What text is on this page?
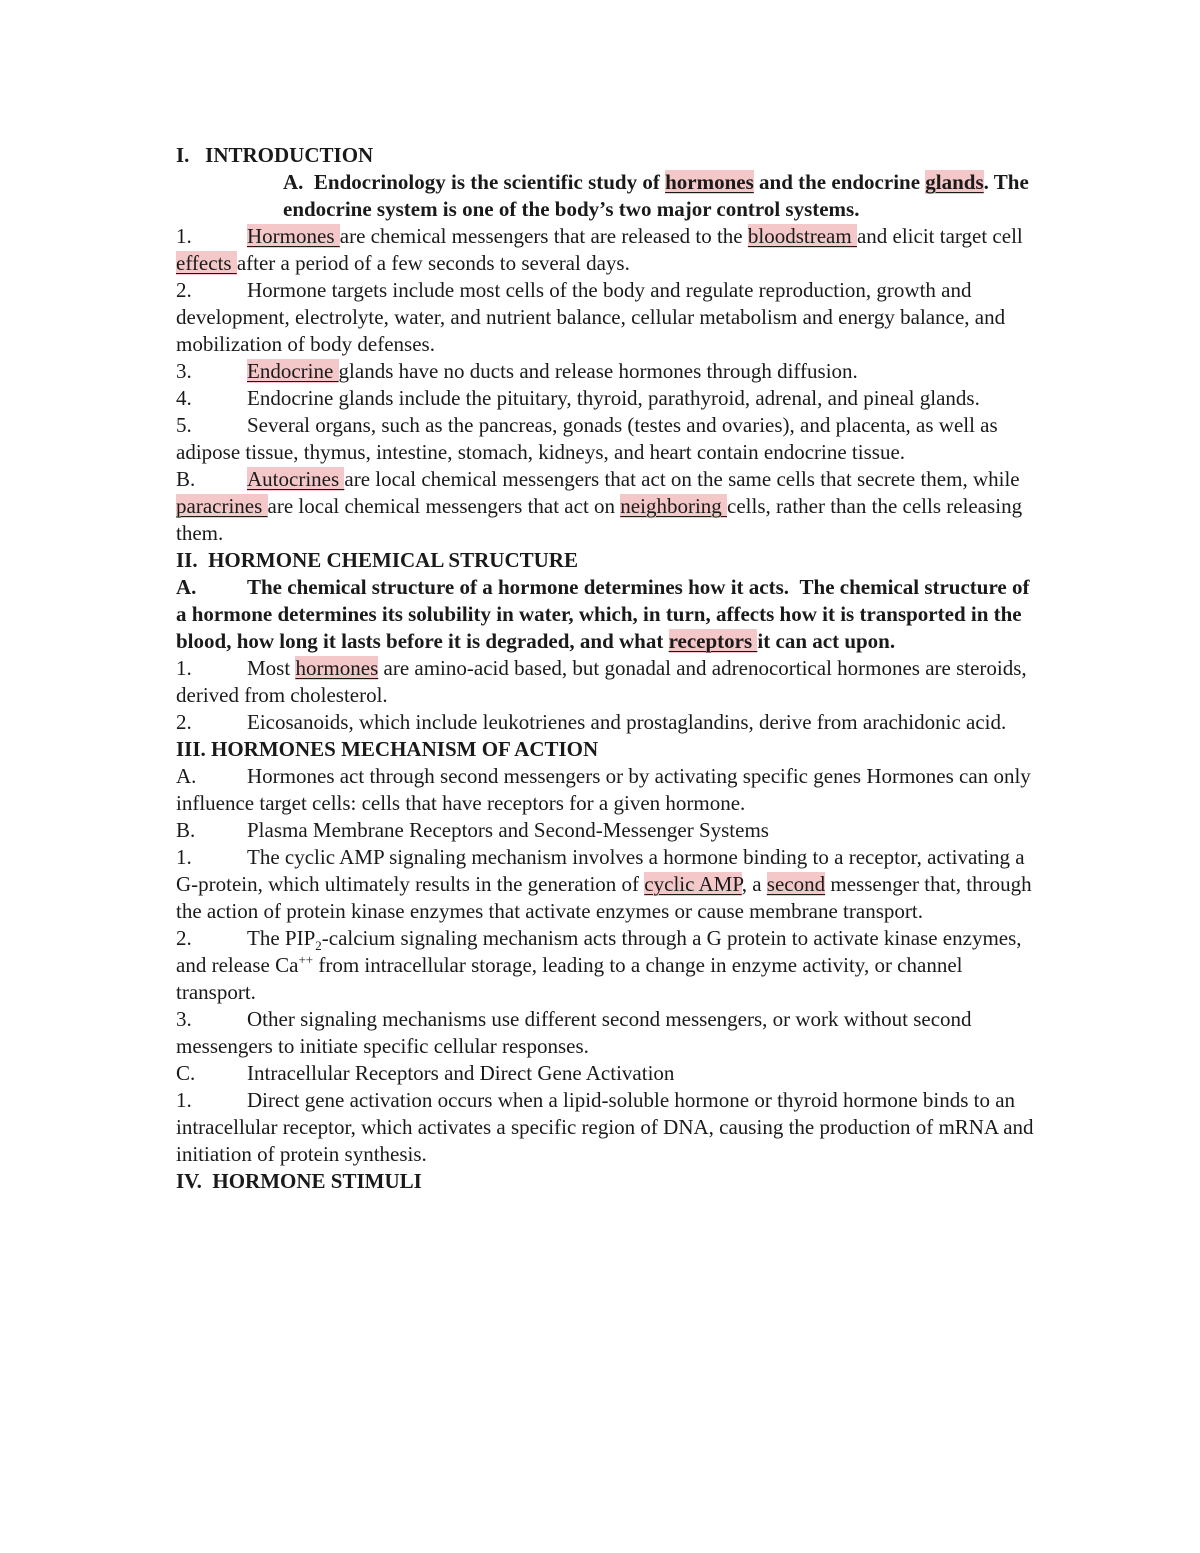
I.   INTRODUCTION

A.  Endocrinology is the scientific study of hormones and the endocrine glands. The endocrine system is one of the body’s two major control systems.

1.	Hormones are chemical messengers that are released to the bloodstream and elicit target cell effects after a period of a few seconds to several days.

2.	Hormone targets include most cells of the body and regulate reproduction, growth and development, electrolyte, water, and nutrient balance, cellular metabolism and energy balance, and mobilization of body defenses.

3.	Endocrine glands have no ducts and release hormones through diffusion.

4.	Endocrine glands include the pituitary, thyroid, parathyroid, adrenal, and pineal glands.

5.	Several organs, such as the pancreas, gonads (testes and ovaries), and placenta, as well as adipose tissue, thymus, intestine, stomach, kidneys, and heart contain endocrine tissue.

B. Autocrines are local chemical messengers that act on the same cells that secrete them, while paracrines are local chemical messengers that act on neighboring cells, rather than the cells releasing them.

II.  HORMONE CHEMICAL STRUCTURE

A. The chemical structure of a hormone determines how it acts.  The chemical structure of a hormone determines its solubility in water, which, in turn, affects how it is transported in the blood, how long it lasts before it is degraded, and what receptors it can act upon.

1.	Most hormones are amino-acid based, but gonadal and adrenocortical hormones are steroids, derived from cholesterol.

2.	Eicosanoids, which include leukotrienes and prostaglandins, derive from arachidonic acid.

III. HORMONES MECHANISM OF ACTION

A. Hormones act through second messengers or by activating specific genes Hormones can only influence target cells: cells that have receptors for a given hormone.

B. Plasma Membrane Receptors and Second-Messenger Systems

1.	The cyclic AMP signaling mechanism involves a hormone binding to a receptor, activating a G-protein, which ultimately results in the generation of cyclic AMP, a second messenger that, through the action of protein kinase enzymes that activate enzymes or cause membrane transport.

2.	The $PIP_2$-calcium signaling mechanism acts through a G protein to activate kinase enzymes, and release Ca++ from intracellular storage, leading to a change in enzyme activity, or channel transport.

3.	Other signaling mechanisms use different second messengers, or work without second messengers to initiate specific cellular responses.

C. Intracellular Receptors and Direct Gene Activation

1.	Direct gene activation occurs when a lipid-soluble hormone or thyroid hormone binds to an intracellular receptor, which activates a specific region of DNA, causing the production of mRNA and initiation of protein synthesis.

IV.  HORMONE STIMULI
